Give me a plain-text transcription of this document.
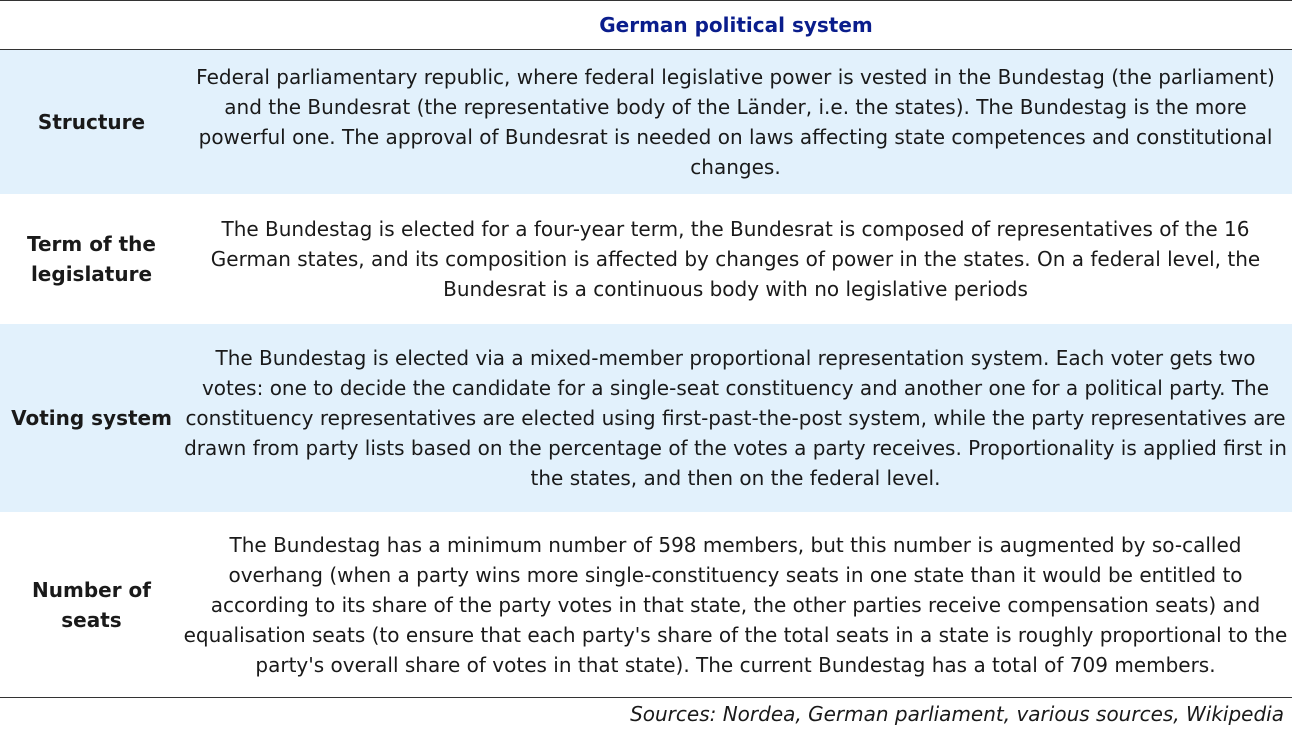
German political system
Structure
Federal parliamentary republic, where federal legislative power is vested in the Bundestag (the parliament) and the Bundesrat (the representative body of the Länder, i.e. the states). The Bundestag is the more powerful one. The approval of Bundesrat is needed on laws affecting state competences and constitutional changes.
Term of the legislature
The Bundestag is elected for a four-year term, the Bundesrat is composed of representatives of the 16 German states, and its composition is affected by changes of power in the states. On a federal level, the Bundesrat is a continuous body with no legislative periods
Voting system
The Bundestag is elected via a mixed-member proportional representation system. Each voter gets two votes: one to decide the candidate for a single-seat constituency and another one for a political party. The constituency representatives are elected using first-past-the-post system, while the party representatives are drawn from party lists based on the percentage of the votes a party receives. Proportionality is applied first in the states, and then on the federal level.
Number of seats
The Bundestag has a minimum number of 598 members, but this number is augmented by so-called overhang (when a party wins more single-constituency seats in one state than it would be entitled to according to its share of the party votes in that state, the other parties receive compensation seats) and equalisation seats (to ensure that each party's share of the total seats in a state is roughly proportional to the party's overall share of votes in that state). The current Bundestag has a total of 709 members.
Sources: Nordea, German parliament, various sources, Wikipedia
